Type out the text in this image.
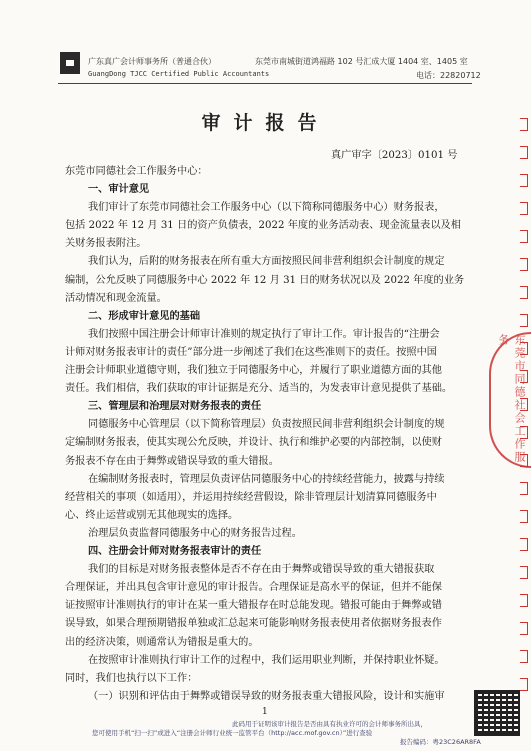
广东真广会计师事务所（普通合伙）
GuangDong TJCC Certified Public Accountants
东莞市南城街道鸿福路 102 号汇成大厦 1404 室、1405 室
电话：22820712
审计报告
真广审字〔2023〕0101 号
东莞市同德社会工作服务中心：
一、审计意见
我们审计了东莞市同德社会工作服务中心（以下简称同德服务中心）财务报表，
包括 2022 年 12 月 31 日的资产负债表，2022 年度的业务活动表、现金流量表以及相
关财务报表附注。
我们认为，后附的财务报表在所有重大方面按照民间非营利组织会计制度的规定
编制，公允反映了同德服务中心 2022 年 12 月 31 日的财务状况以及 2022 年度的业务
活动情况和现金流量。
二、形成审计意见的基础
我们按照中国注册会计师审计准则的规定执行了审计工作。审计报告的“注册会
计师对财务报表审计的责任”部分进一步阐述了我们在这些准则下的责任。按照中国
注册会计师职业道德守则，我们独立于同德服务中心，并履行了职业道德方面的其他
责任。我们相信，我们获取的审计证据是充分、适当的，为发表审计意见提供了基础。
三、管理层和治理层对财务报表的责任
同德服务中心管理层（以下简称管理层）负责按照民间非营利组织会计制度的规
定编制财务报表，使其实现公允反映，并设计、执行和维护必要的内部控制，以使财
务报表不存在由于舞弊或错误导致的重大错报。
在编制财务报表时，管理层负责评估同德服务中心的持续经营能力，披露与持续
经营相关的事项（如适用），并运用持续经营假设，除非管理层计划清算同德服务中
心、终止运营或别无其他现实的选择。
治理层负责监督同德服务中心的财务报告过程。
四、注册会计师对财务报表审计的责任
我们的目标是对财务报表整体是否不存在由于舞弊或错误导致的重大错报获取
合理保证，并出具包含审计意见的审计报告。合理保证是高水平的保证，但并不能保
证按照审计准则执行的审计在某一重大错报存在时总能发现。错报可能由于舞弊或错
误导致，如果合理预期错报单独或汇总起来可能影响财务报表使用者依据财务报表作
出的经济决策，则通常认为错报是重大的。
在按照审计准则执行审计工作的过程中，我们运用职业判断，并保持职业怀疑。
同时，我们也执行以下工作：
（一）识别和评估由于舞弊或错误导致的财务报表重大错报风险，设计和实施审
东莞市同德社会工作服务
1
此码用于证明该审计报告是否由具有执业许可的会计师事务所出具，
您可使用手机“扫一扫”或进入“注册会计师行业统一监管平台（http://acc.mof.gov.cn）”进行查验
报告编码：粤23C26AR8FA
